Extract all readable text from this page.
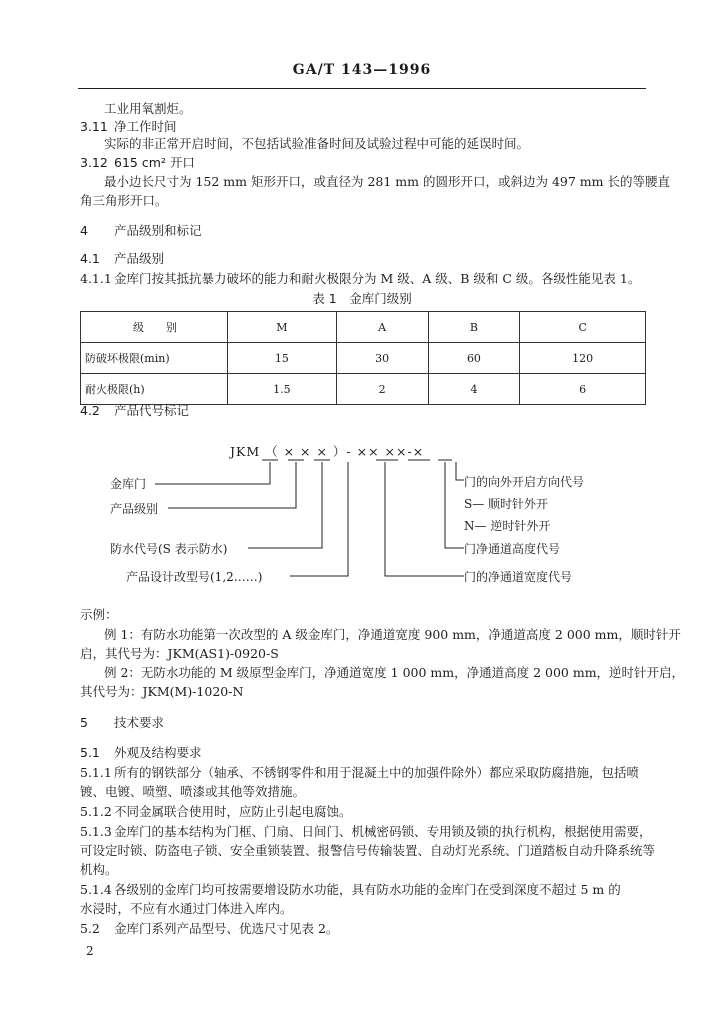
GA/T 143—1996
工业用氧割炬。
3.11 净工作时间
实际的非正常开启时间，不包括试验准备时间及试验过程中可能的延误时间。
3.12 615 cm² 开口
最小边长尺寸为 152 mm 矩形开口，或直径为 281 mm 的圆形开口，或斜边为 497 mm 长的等腰直
角三角形开口。
4 产品级别和标记
4.1 产品级别
4.1.1 金库门按其抵抗暴力破坏的能力和耐火极限分为 M 级、A 级、B 级和 C 级。各级性能见表 1。
表 1　金库门级别
级　　别	M	A	B	C
防破坏极限(min)	15	30	60	120
耐火极限(h)	1.5	2	4	6
4.2 产品代号标记
JKM （ × × × ）- ×× ××-×
金库门
产品级别
防水代号(S 表示防水)
产品设计改型号(1,2……)
门的向外开启方向代号
S— 顺时针外开
N— 逆时针外开
门净通道高度代号
门的净通道宽度代号
示例：
例 1：有防水功能第一次改型的 A 级金库门，净通道宽度 900 mm，净通道高度 2 000 mm，顺时针开
启，其代号为：JKM(AS1)-0920-S
例 2：无防水功能的 M 级原型金库门，净通道宽度 1 000 mm，净通道高度 2 000 mm，逆时针开启，
其代号为：JKM(M)-1020-N
5 技术要求
5.1 外观及结构要求
5.1.1 所有的钢铁部分（轴承、不锈钢零件和用于混凝土中的加强件除外）都应采取防腐措施，包括喷
镀、电镀、喷塑、喷漆或其他等效措施。
5.1.2 不同金属联合使用时，应防止引起电腐蚀。
5.1.3 金库门的基本结构为门框、门扇、日间门、机械密码锁、专用锁及锁的执行机构，根据使用需要，
可设定时锁、防盗电子锁、安全重锁装置、报警信号传输装置、自动灯光系统、门道踏板自动升降系统等
机构。
5.1.4 各级别的金库门均可按需要增设防水功能，具有防水功能的金库门在受到深度不超过 5 m 的
水浸时，不应有水通过门体进入库内。
5.2 金库门系列产品型号、优选尺寸见表 2。
2
